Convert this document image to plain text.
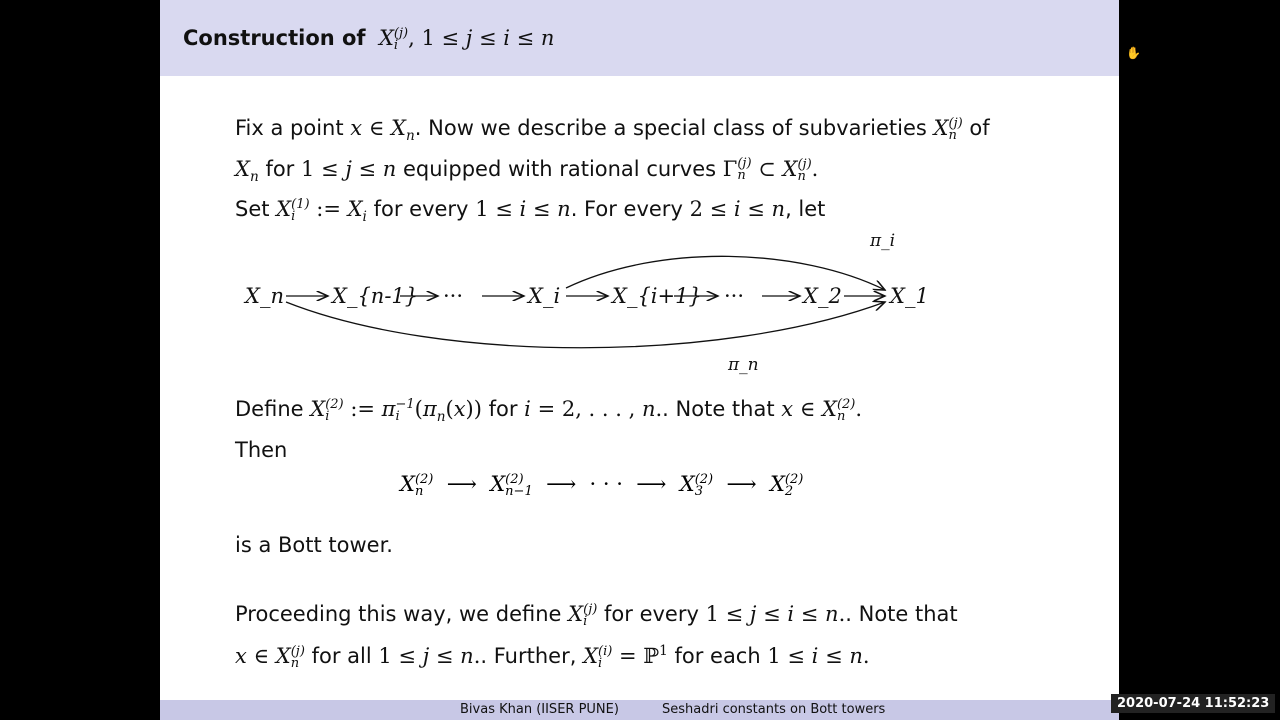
Construction of  X (j)
i , 1 ≤ j ≤ i ≤ n
Fix a point x ∈ $X_n$. Now we describe a special class of subvarieties X (j)
n of
$X_n$ for 1 ≤ j ≤ n equipped with rational curves Γ (j)
n ⊂ X (j)
n .
Set X (1)
i := $X_i$ for every 1 ≤ i ≤ n. For every 2 ≤ i ≤ n, let
X_n X_{n-1} ···	X_i X_{i+1} ···	X_2 X_1
π_i
π_n
Define X (2)
i := π −1
i $(\pi_n(x))$ for i = 2, . . . , n.. Note that x ∈ X (2)
n .
Then
X (2)
n ⟶  X (2)
n−1 ⟶  · · ·  ⟶  X (2)
3 ⟶  X (2)
2
is a Bott tower.
Proceeding this way, we define X (j)
i for every 1 ≤ j ≤ i ≤ n.. Note that
x ∈ X (j)
n for all 1 ≤ j ≤ n.. Further, X (i)
i = ℙ$^1$ for each 1 ≤ i ≤ n.
Bivas Khan (IISER PUNE)	Seshadri constants on Bott towers
✋
2020-07-24 11:52:23
